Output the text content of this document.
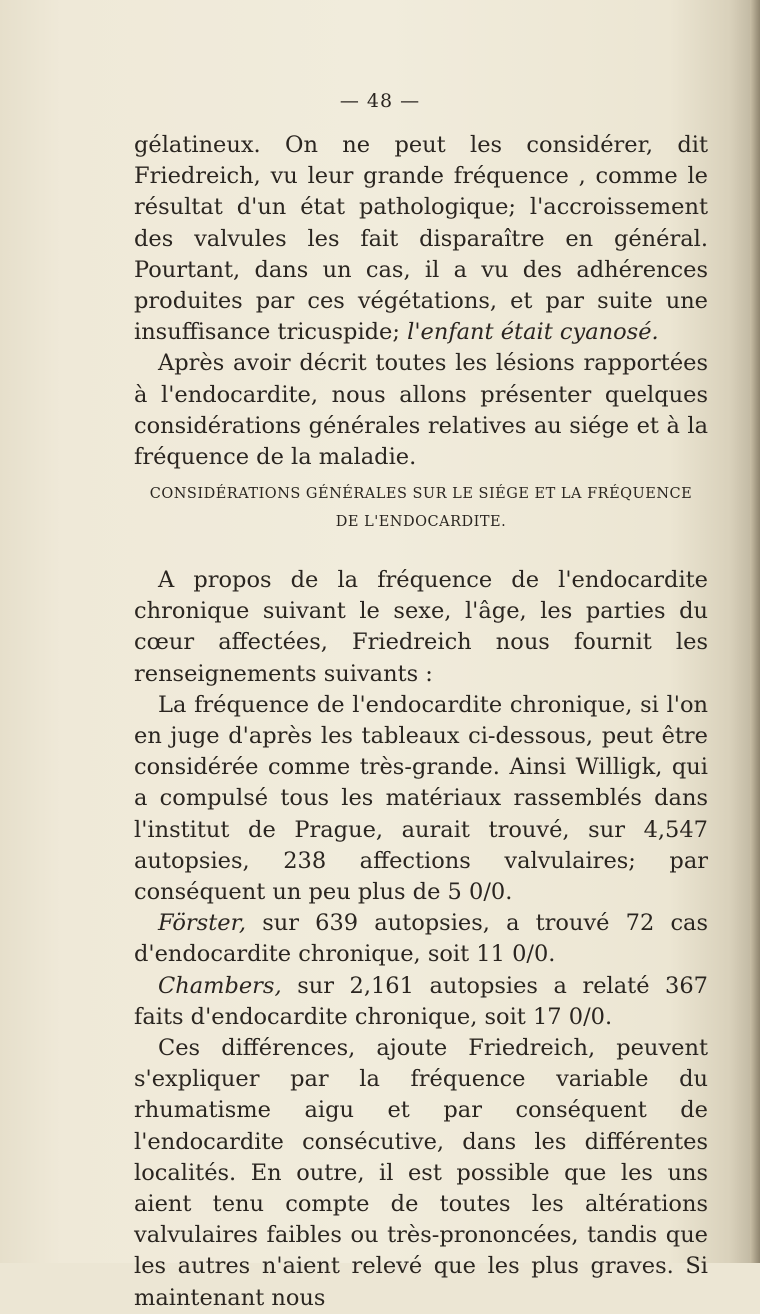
— 48 —

gélatineux. On ne peut les considérer, dit Friedreich, vu leur grande fréquence , comme le résultat d'un état pathologique; l'accroissement des valvules les fait disparaître en général. Pourtant, dans un cas, il a vu des adhérences produites par ces végétations, et par suite une insuffisance tricuspide; l'enfant était cyanosé.

Après avoir décrit toutes les lésions rapportées à l'endocardite, nous allons présenter quelques considérations générales relatives au siége et à la fréquence de la maladie.

CONSIDÉRATIONS GÉNÉRALES SUR LE SIÉGE ET LA FRÉQUENCE
DE L'ENDOCARDITE.

A propos de la fréquence de l'endocardite chronique suivant le sexe, l'âge, les parties du cœur affectées, Friedreich nous fournit les renseignements suivants :

La fréquence de l'endocardite chronique, si l'on en juge d'après les tableaux ci-dessous, peut être considérée comme très-grande. Ainsi Willigk, qui a compulsé tous les matériaux rassemblés dans l'institut de Prague, aurait trouvé, sur 4,547 autopsies, 238 affections valvulaires; par conséquent un peu plus de 5 0/0.

Förster, sur 639 autopsies, a trouvé 72 cas d'endocardite chronique, soit 11 0/0.

Chambers, sur 2,161 autopsies a relaté 367 faits d'endocardite chronique, soit 17 0/0.

Ces différences, ajoute Friedreich, peuvent s'expliquer par la fréquence variable du rhumatisme aigu et par conséquent de l'endocardite consécutive, dans les différentes localités. En outre, il est possible que les uns aient tenu compte de toutes les altérations valvulaires faibles ou très-prononcées, tandis que les autres n'aient relevé que les plus graves. Si maintenant nous
